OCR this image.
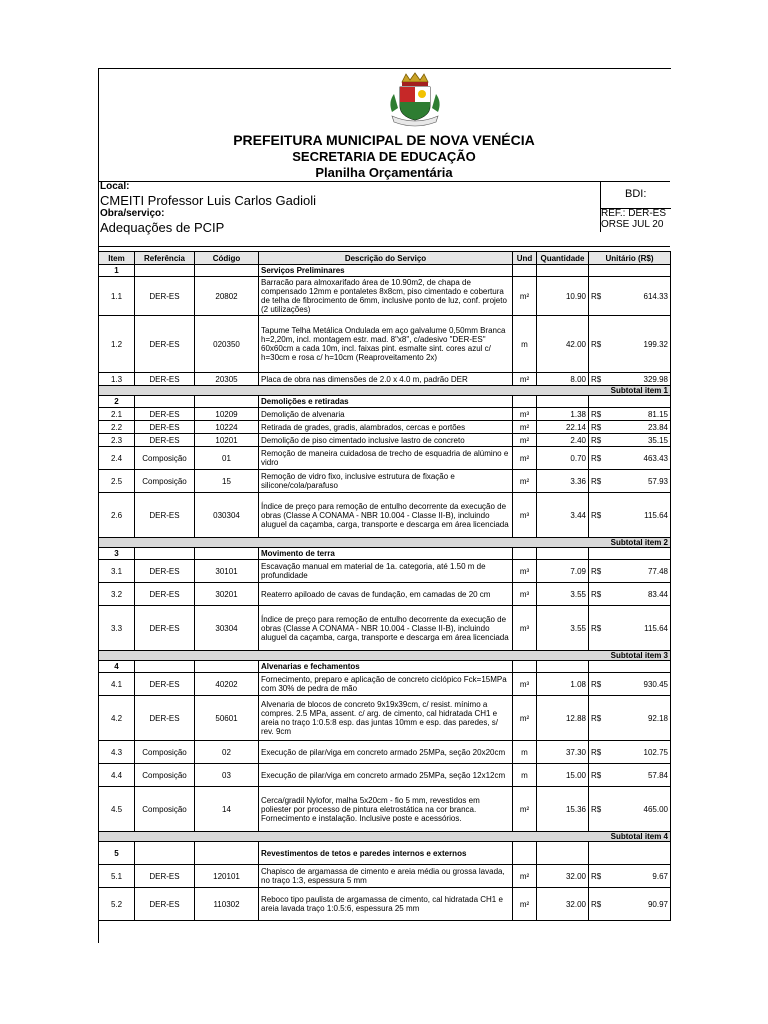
PREFEITURA MUNICIPAL DE NOVA VENÉCIA
SECRETARIA DE EDUCAÇÃO
Planilha Orçamentária
Local:
CMEITI Professor Luis Carlos Gadioli
Obra/serviço:
Adequações de PCIP
BDI:
REF.: DER-ES
ORSE JUL 20
Item	Referência	Código	Descrição do Serviço	Und	Quantidade	Unitário (R$)	
1			Serviços Preliminares				
1.1	DER-ES	20802	Barracão para almoxarifado área de 10.90m2, de chapa de compensado 12mm e pontaletes 8x8cm, piso cimentado e cobertura de telha de fibrocimento de 6mm, inclusive ponto de luz, conf. projeto (2 utilizações)	m²	10.90	R$	614.33
1.2	DER-ES	020350	Tapume Telha Metálica Ondulada em aço galvalume 0,50mm Branca h=2,20m, incl. montagem estr. mad. 8"x8", c/adesivo "DER-ES" 60x60cm a cada 10m, incl. faixas pint. esmalte sint. cores azul c/ h=30cm e rosa c/ h=10cm (Reaproveitamento 2x)	m	42.00	R$	199.32
1.3	DER-ES	20305	Placa de obra nas dimensões de 2.0 x 4.0 m, padrão DER	m²	8.00	R$	329.98
Subtotal item 1							
2			Demolições e retiradas				
2.1	DER-ES	10209	Demolição de alvenaria	m³	1.38	R$	81.15
2.2	DER-ES	10224	Retirada de grades, gradis, alambrados, cercas e portões	m²	22.14	R$	23.84
2.3	DER-ES	10201	Demolição de piso cimentado inclusive lastro de concreto	m²	2.40	R$	35.15
2.4	Composição	01	Remoção de maneira cuidadosa de trecho de esquadria de alúmino e vidro	m²	0.70	R$	463.43
2.5	Composição	15	Remoção de vidro fixo, inclusive estrutura de fixação e silicone/cola/parafuso	m²	3.36	R$	57.93
2.6	DER-ES	030304	Índice de preço para remoção de entulho decorrente da execução de obras (Classe A CONAMA - NBR 10.004 - Classe II-B), incluindo aluguel da caçamba, carga, transporte e descarga em área licenciada	m³	3.44	R$	115.64
Subtotal item 2							
3			Movimento de terra				
3.1	DER-ES	30101	Escavação manual em material de 1a. categoria, até 1.50 m de profundidade	m³	7.09	R$	77.48
3.2	DER-ES	30201	Reaterro apiloado de cavas de fundação, em camadas de 20 cm	m³	3.55	R$	83.44
3.3	DER-ES	30304	Índice de preço para remoção de entulho decorrente da execução de obras (Classe A CONAMA - NBR 10.004 - Classe II-B), incluindo aluguel da caçamba, carga, transporte e descarga em área licenciada	m³	3.55	R$	115.64
Subtotal item 3							
4			Alvenarias e fechamentos				
4.1	DER-ES	40202	Fornecimento, preparo e aplicação de concreto ciclópico Fck=15MPa com 30% de pedra de mão	m³	1.08	R$	930.45
4.2	DER-ES	50601	Alvenaria de blocos de concreto 9x19x39cm, c/ resist. mínimo a compres. 2.5 MPa, assent. c/ arg. de cimento, cal hidratada CH1 e areia no traço 1:0.5:8 esp. das juntas 10mm e esp. das paredes, s/ rev. 9cm	m²	12.88	R$	92.18
4.3	Composição	02	Execução de pilar/viga em concreto armado 25MPa, seção 20x20cm	m	37.30	R$	102.75
4.4	Composição	03	Execução de pilar/viga em concreto armado 25MPa, seção 12x12cm	m	15.00	R$	57.84
4.5	Composição	14	Cerca/gradil Nylofor, malha 5x20cm - fio 5 mm, revestidos em poliester por processo de pintura eletrostática na cor branca. Fornecimento e instalação. Inclusive poste e acessórios.	m²	15.36	R$	465.00
Subtotal item 4							
5			Revestimentos de tetos e paredes internos e externos				
5.1	DER-ES	120101	Chapisco de argamassa de cimento e areia média ou grossa lavada, no traço 1:3, espessura 5 mm	m²	32.00	R$	9.67
5.2	DER-ES	110302	Reboco tipo paulista de argamassa de cimento, cal hidratada CH1 e areia lavada traço 1:0.5:6, espessura 25 mm	m²	32.00	R$	90.97
